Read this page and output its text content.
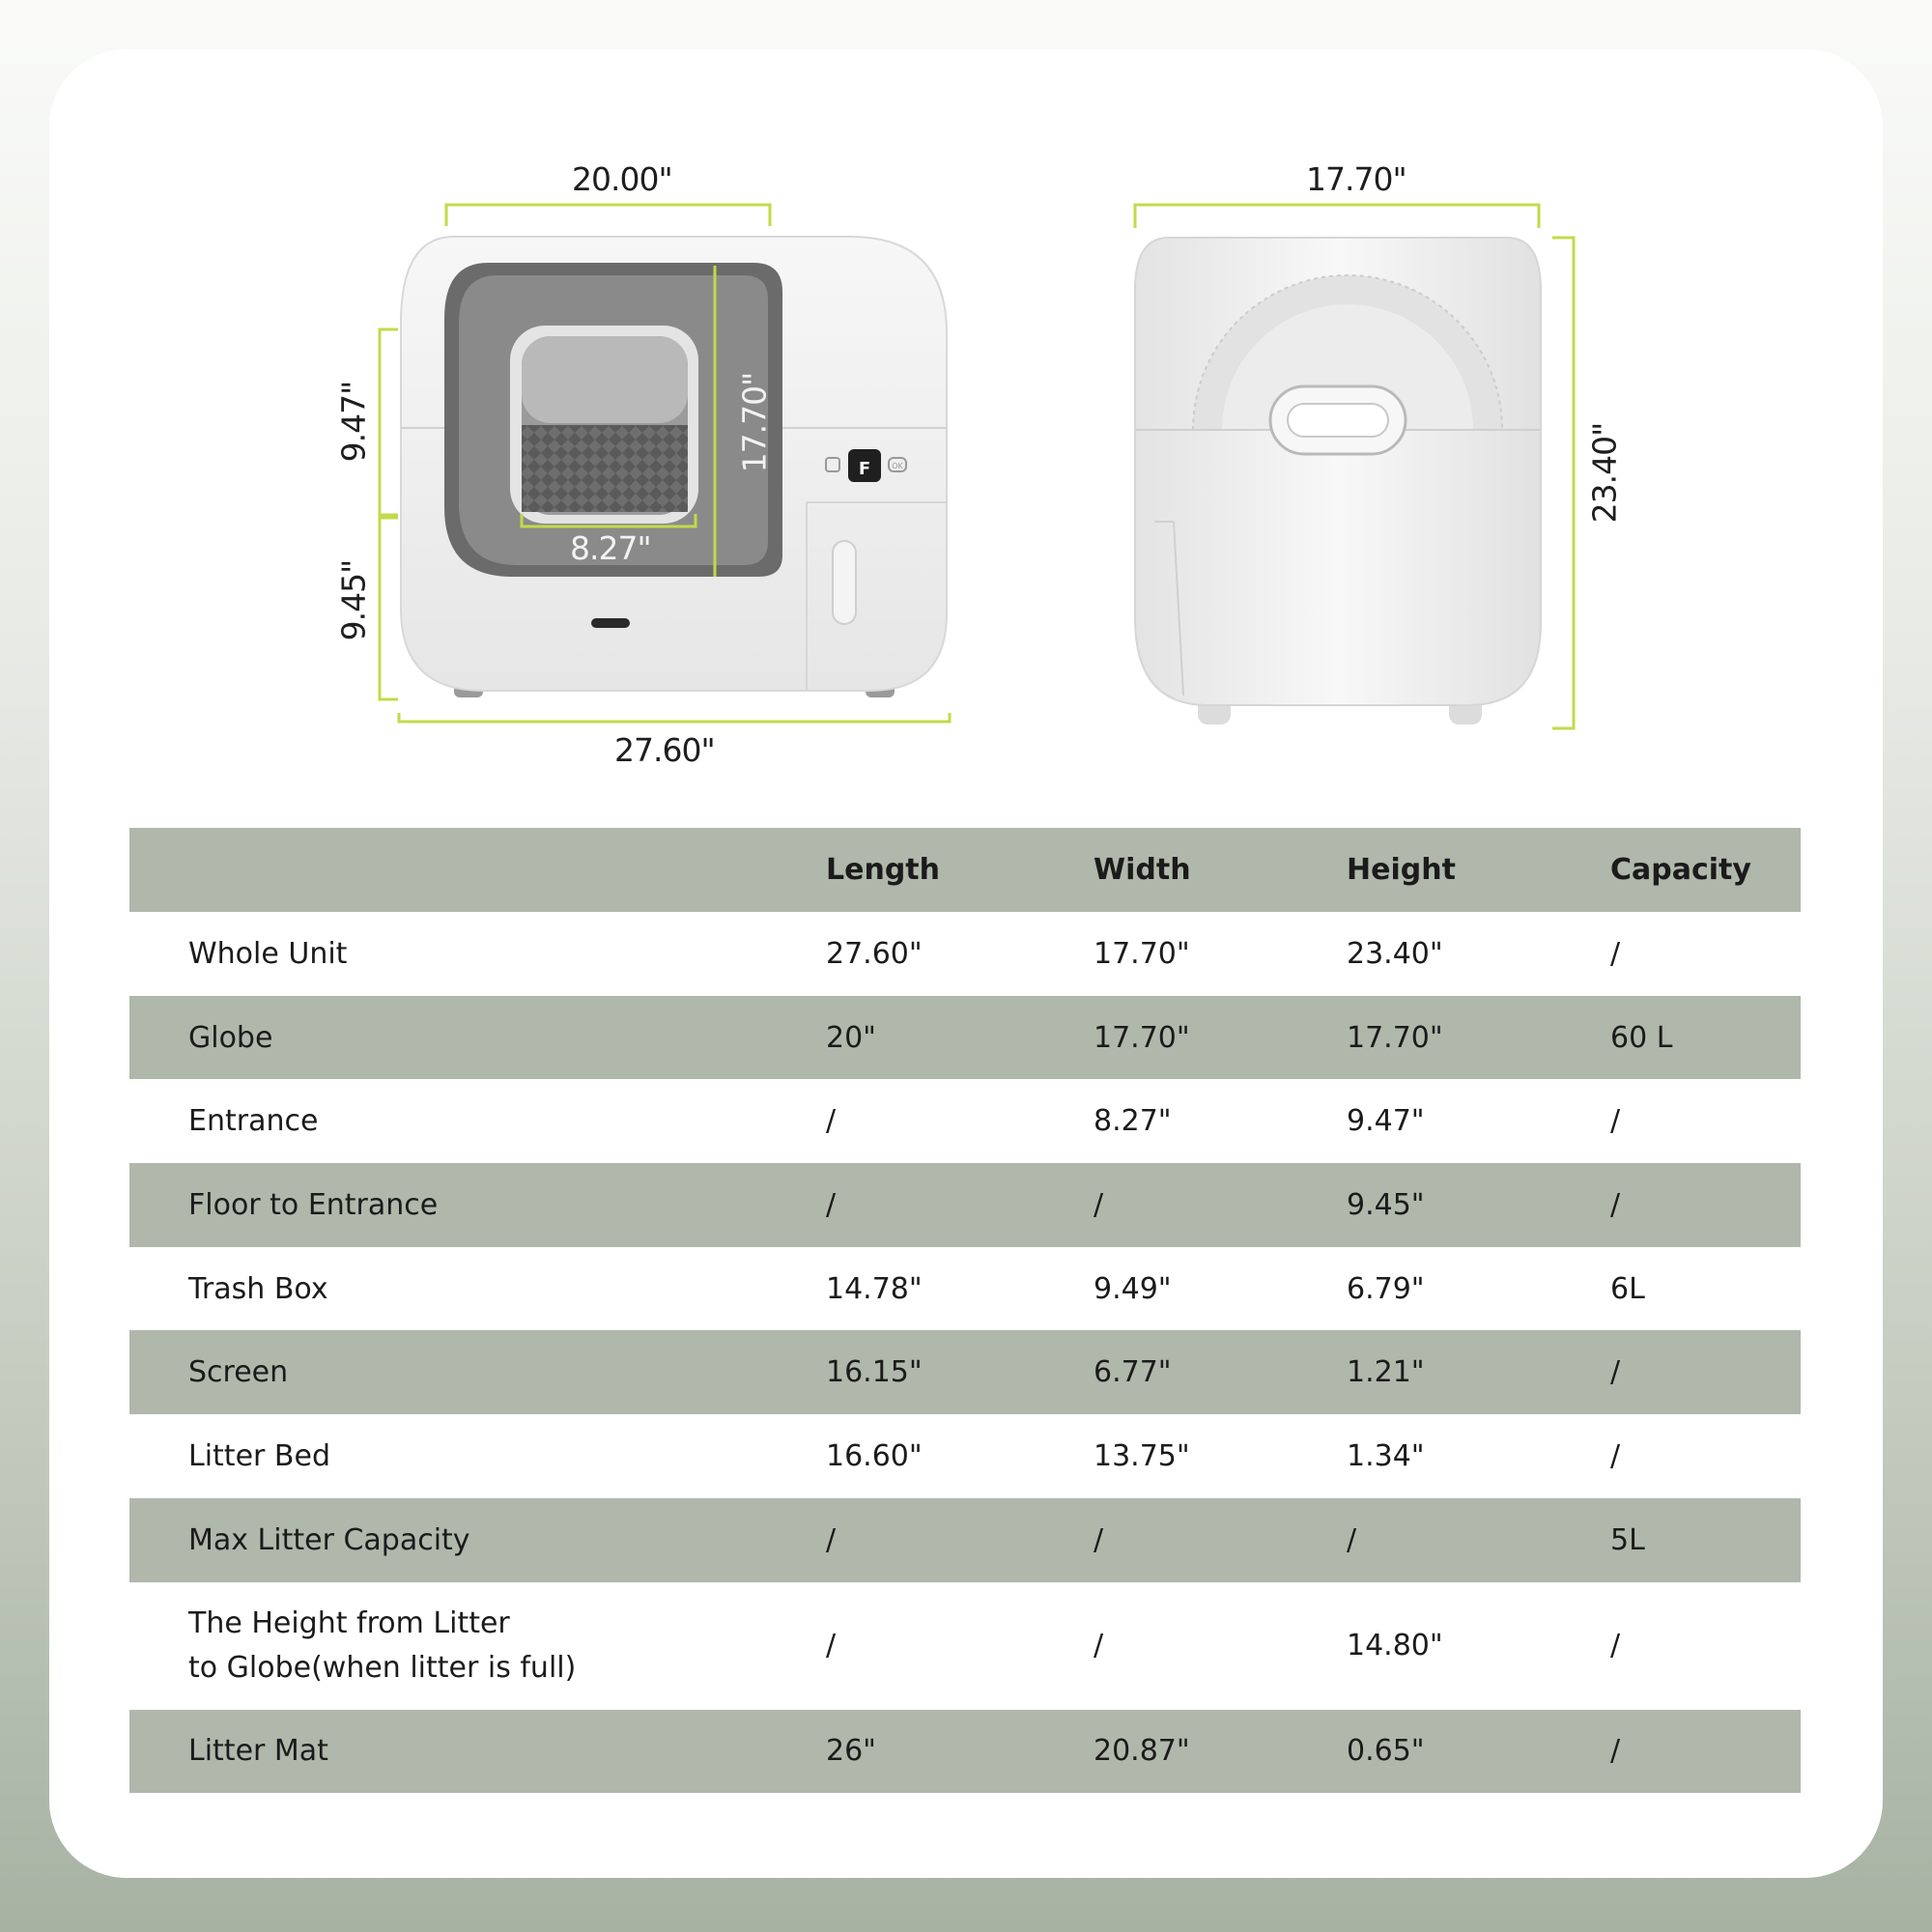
F	OK
20.00"
17.70"
9.47"
9.45"
8.27"
27.60"
17.70"
23.40"
	Length	Width	Height	Capacity
Whole Unit	27.60"	17.70"	23.40"	/
Globe	20"	17.70"	17.70"	60 L
Entrance	/	8.27"	9.47"	/
Floor to Entrance	/	/	9.45"	/
Trash Box	14.78"	9.49"	6.79"	6L
Screen	16.15"	6.77"	1.21"	/
Litter Bed	16.60"	13.75"	1.34"	/
Max Litter Capacity	/	/	/	5L
The Height from Litter
to Globe(when litter is full)	/	/	14.80"	/
Litter Mat	26"	20.87"	0.65"	/
